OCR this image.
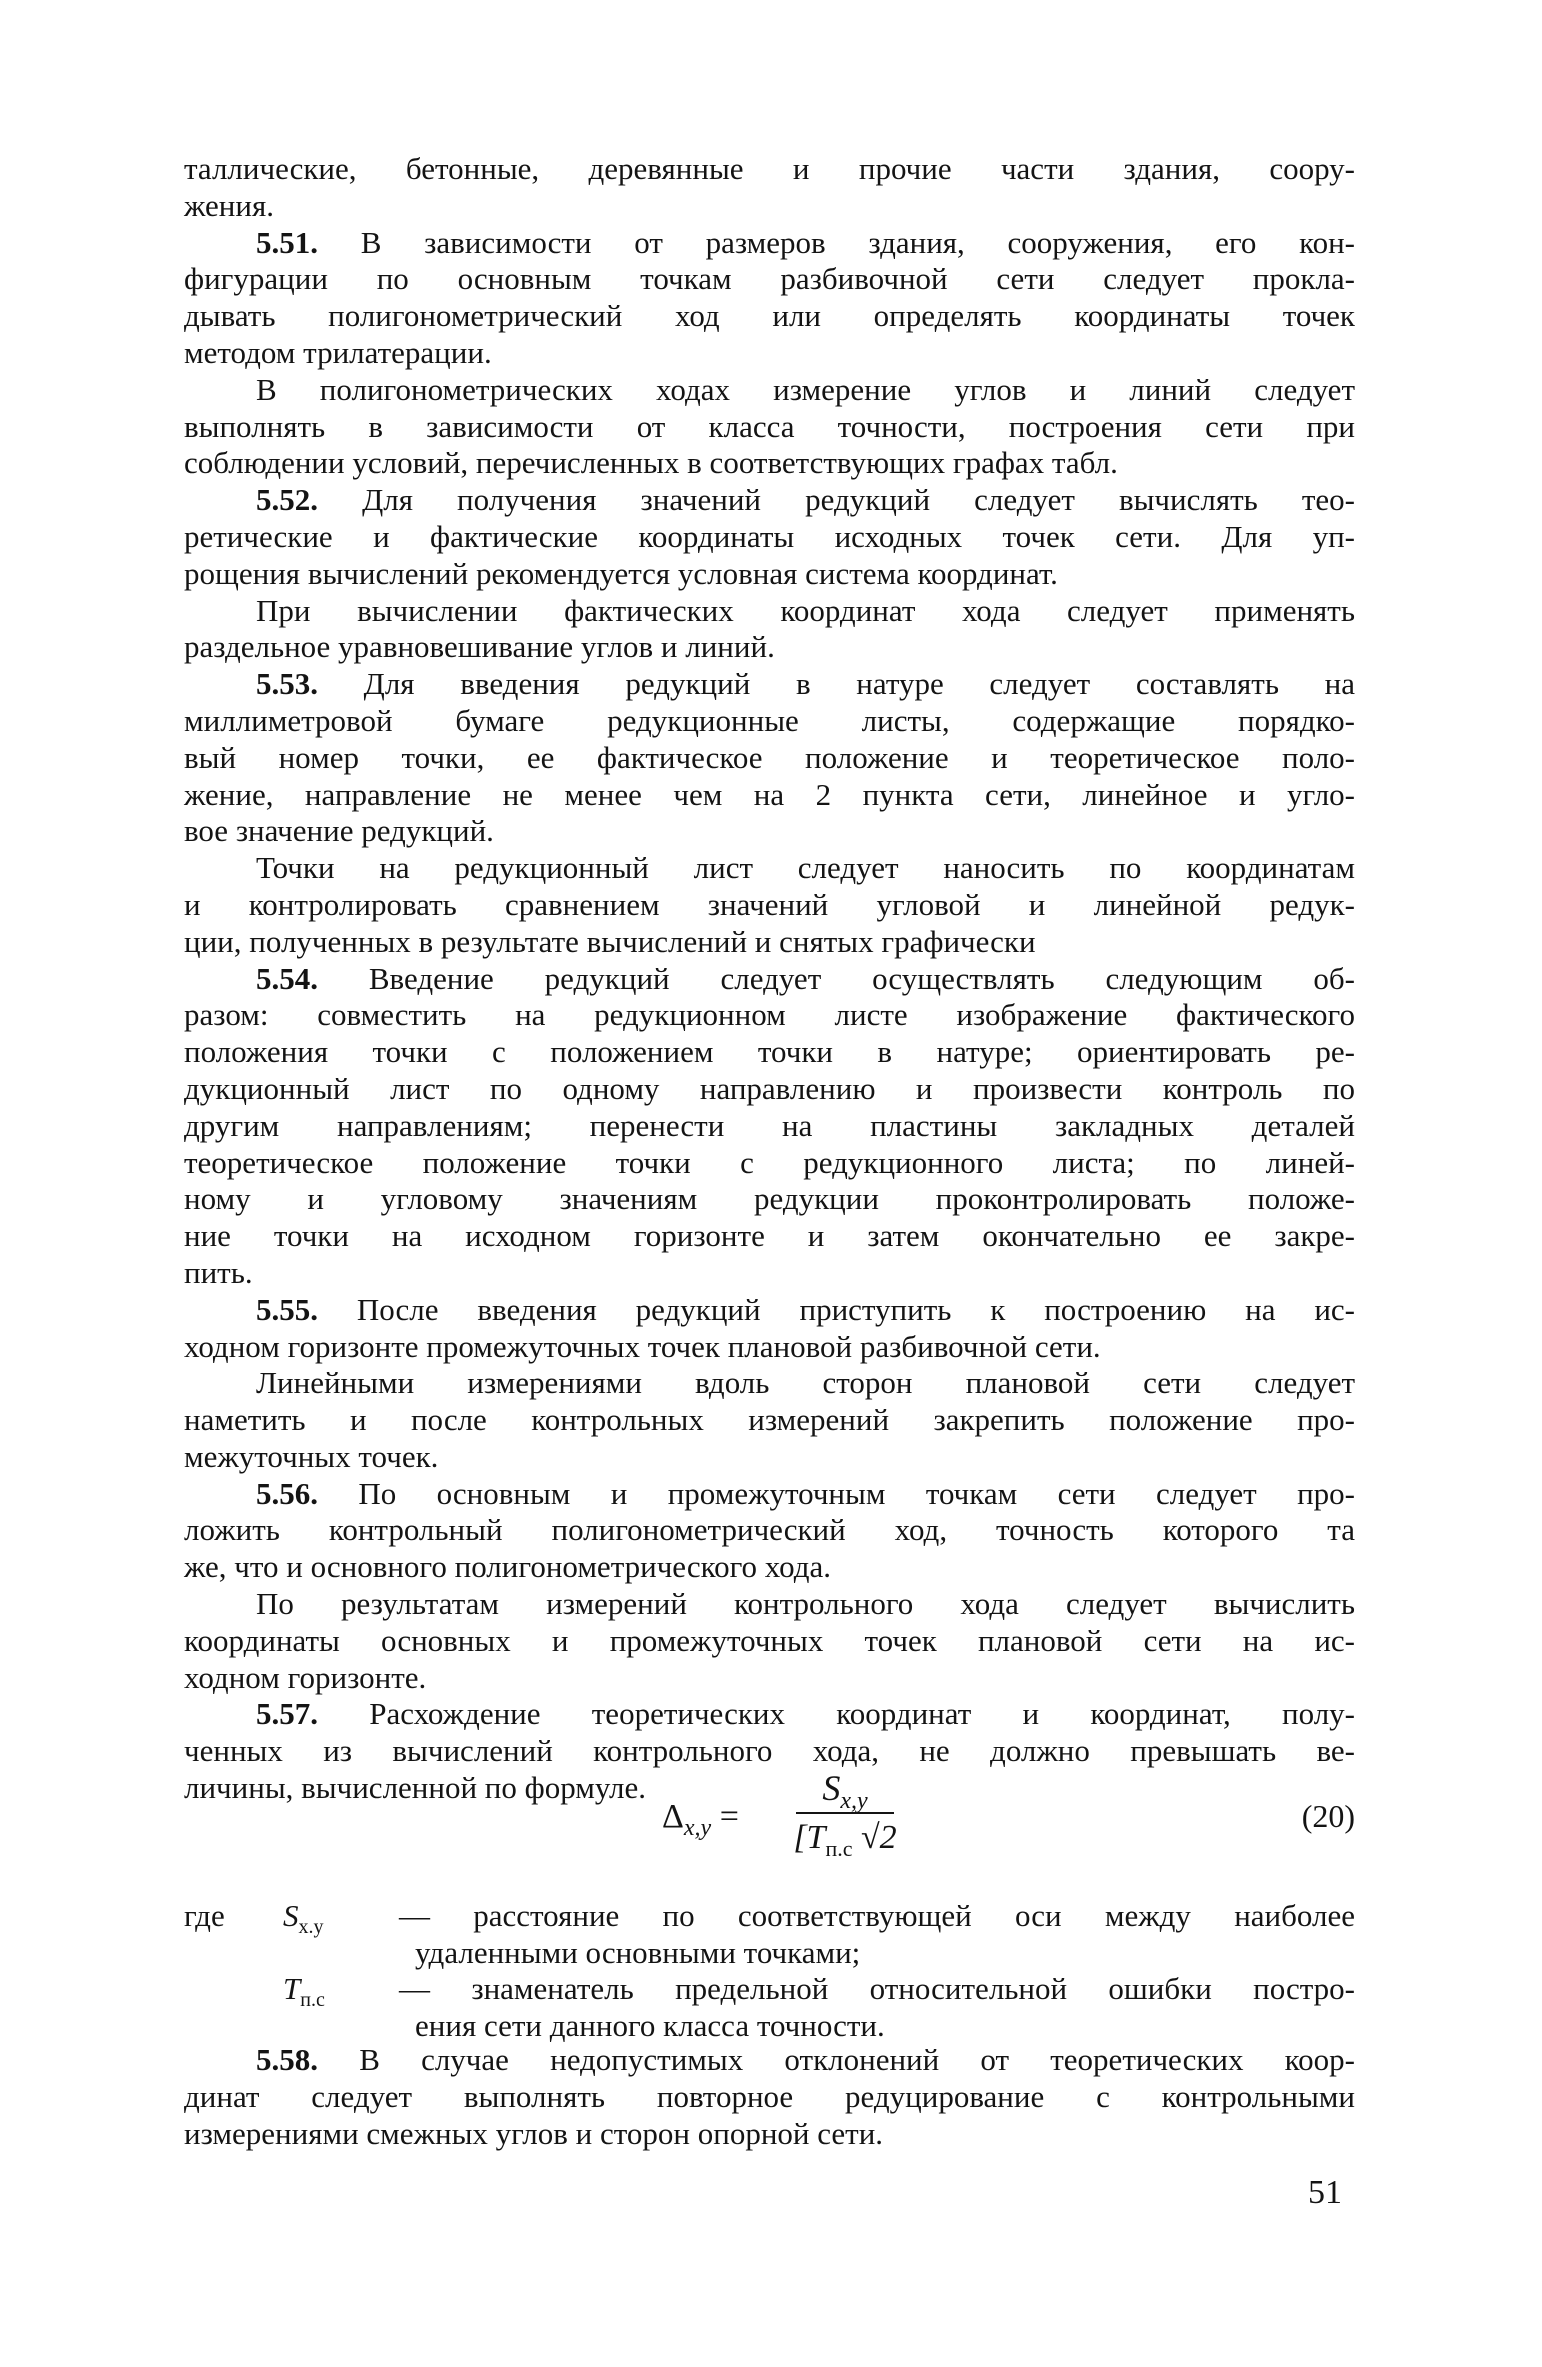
таллические, бетонные, деревянные и прочие части здания, соору-
жения.
5.51. В зависимости от размеров здания, сооружения, его кон-
фигурации по основным точкам разбивочной сети следует прокла-
дывать полигонометрический ход или определять координаты точек
методом трилатерации.
В полигонометрических ходах измерение углов и линий следует
выполнять в зависимости от класса точности, построения сети при
соблюдении условий, перечисленных в соответствующих графах табл.
5.52. Для получения значений редукций следует вычислять тео-
ретические и фактические координаты исходных точек сети. Для уп-
рощения вычислений рекомендуется условная система координат.
При вычислении фактических координат хода следует применять
раздельное уравновешивание углов и линий.
5.53. Для введения редукций в натуре следует составлять на
миллиметровой бумаге редукционные листы, содержащие порядко-
вый номер точки, ее фактическое положение и теоретическое поло-
жение, направление не менее чем на 2 пункта сети, линейное и угло-
вое значение редукций.
Точки на редукционный лист следует наносить по координатам
и контролировать сравнением значений угловой и линейной редук-
ции, полученных в результате вычислений и снятых графически
5.54. Введение редукций следует осуществлять следующим об-
разом: совместить на редукционном листе изображение фактического
положения точки с положением точки в натуре; ориентировать ре-
дукционный лист по одному направлению и произвести контроль по
другим направлениям; перенести на пластины закладных деталей
теоретическое положение точки с редукционного листа; по линей-
ному и угловому значениям редукции проконтролировать положе-
ние точки на исходном горизонте и затем окончательно ее закре-
пить.
5.55. После введения редукций приступить к построению на ис-
ходном горизонте промежуточных точек плановой разбивочной сети.
Линейными измерениями вдоль сторон плановой сети следует
наметить и после контрольных измерений закрепить положение про-
межуточных точек.
5.56. По основным и промежуточным точкам сети следует про-
ложить контрольный полигонометрический ход, точность которого та
же, что и основного полигонометрического хода.
По результатам измерений контрольного хода следует вычислить
координаты основных и промежуточных точек плановой сети на ис-
ходном горизонте.
5.57. Расхождение теоретических координат и координат, полу-
ченных из вычислений контрольного хода, не должно превышать ве-
личины, вычисленной по формуле.
$\Delta_{x,y}$ =
$S_{x,y}$
[$T_{п.с}$ √2
(20)
где $S_{x.y}$ — расстояние по соответствующей оси между наиболее
удаленными основными точками;
$T_{п.с}$ — знаменатель предельной относительной ошибки постро-
ения сети данного класса точности.
5.58. В случае недопустимых отклонений от теоретических коор-
динат следует выполнять повторное редуцирование с контрольными
измерениями смежных углов и сторон опорной сети.
51
